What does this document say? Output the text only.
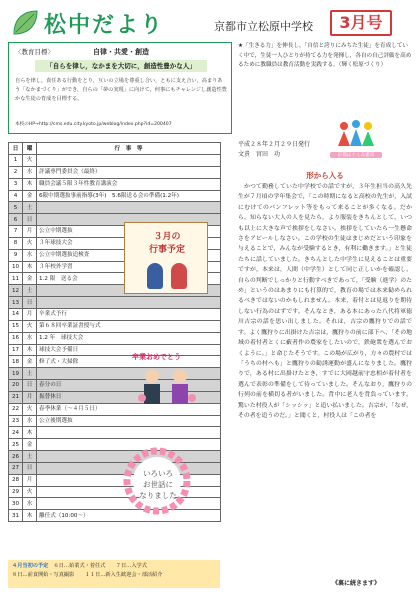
松中だより	京都市立松原中学校	3月号
〈教育目標〉	自律・共愛・創造
「自らを律し，なかまを大切に，創造性豊かな人」
自らを律し，責任ある行動をとり，互いの立場を尊重し合い，ともに支え合い，高まりあう「なかまづくり」ができ，自らの「夢の実現」に向けて，何事にもチャレンジし創造性豊かな生徒の育成を目標する。
本校のHP→http://cms.edu.city.kyoto.jp/weblog/index.php?id=200407
★「生きる力」を伸長し，「自信と誇りにみちた生徒」を育成していく中で，生徒一人ひとりが持てる力を発揮し，各自の自己評価を高めるために教職員は教育活動を実践する。（輝く松原づくり）
京都はぐくみ憲章
日	曜	行　事　等
1	火	
2	水	評議専門委員会（最終）
3	木	職員会議５限３年性教育講演会
4	金	6限中期選抜事前指導(3年)　5.6限送る会の準備(1.2年)
5	土	
6	日	
7	月	公立中期選抜
8	火	３年球技大会
9	水	公立中期選抜追検査
10	木	３年校外学習
11	金	1.2 限　送る会
12	土	
13	日	
14	月	卒業式予行
15	火	第６８回卒業証書授与式
16	水	1.2 年　球技大会
17	木	球技大会予備日
18	金	修了式・大掃除
19	土	
20	日	春分の日
21	月	振替休日
22	火	春季休業（～４月５日）
23	水	公立後期選抜
24	木	
25	金	
26	土	
27	日	
28	月	
29	火	
30	水	
31	木	離任式（10:00～）
３月の
行事予定
卒業おめでとう
いろいろ
お世話に
なりました
４月当初の予定　６日…始業式・着任式　　７日…入学式
８日…前食開始・写真撮影　　１１日…新入生歓迎会・部活紹介
平成２８年２月２９日発行
文責　宮田　功
形から入る
かつて勤務していた中学校での話ですが，３年生担当の高久先生が７月頃の学年集会で，「この時期になると高校の先生が，入試にむけてのパンフレット等をもって来ることが多くなる。だから，知らない大人の人を見たら，より服装をきちんとして，いつも以上に大きな声で挨拶をしなさい。挨拶をしていたら一生懸命さをアピールしなさい。この学校の生徒はまじめだという印象を与えることで，みんなが受験するとき，有利に働きます。」と生徒たちに話していました。きちんとした中学生に見えることは重要ですが，本来は，人間（中学生）として同じ正しいかを確認し，自らの判断でしっかりと行動すべきであって，「受験（進学）のため」というのはあまりにも打算的で，教育の場では本来勧められるべきではないのかもしれません。本来，着付とは見返りを期待しない行為のはずです。そんなとき，ある本にあった八代将軍徳川吉宗の話を思い出しました。それは，吉宗の鷹狩りでの話です。よく鷹狩りに出掛けた吉宗は，鷹狩りの前に部下へ，「その地域の着付者とくに藪者作の農家をしたいので，鉄砲衆を選んでおくように。」と命じたそうです。この場が広がり，方々の農村では「うちの村へも」と鷹狩りの勧誘運動が盛んになりました。鷹狩りで，ある村に出掛けたとき，すでに大岡越前守忠相が着付者を選んで表彰の準備をして待っていました。そんなおり，鷹狩りの行列の前を横切る者がいました。背中に老人を背負っています。驚いた村役人が「シッシッ」と追い払いました。吉宗が，「なぜ，その者を追うのだ。」と聞くと，村役人は「この者を
《裏に続きます》
